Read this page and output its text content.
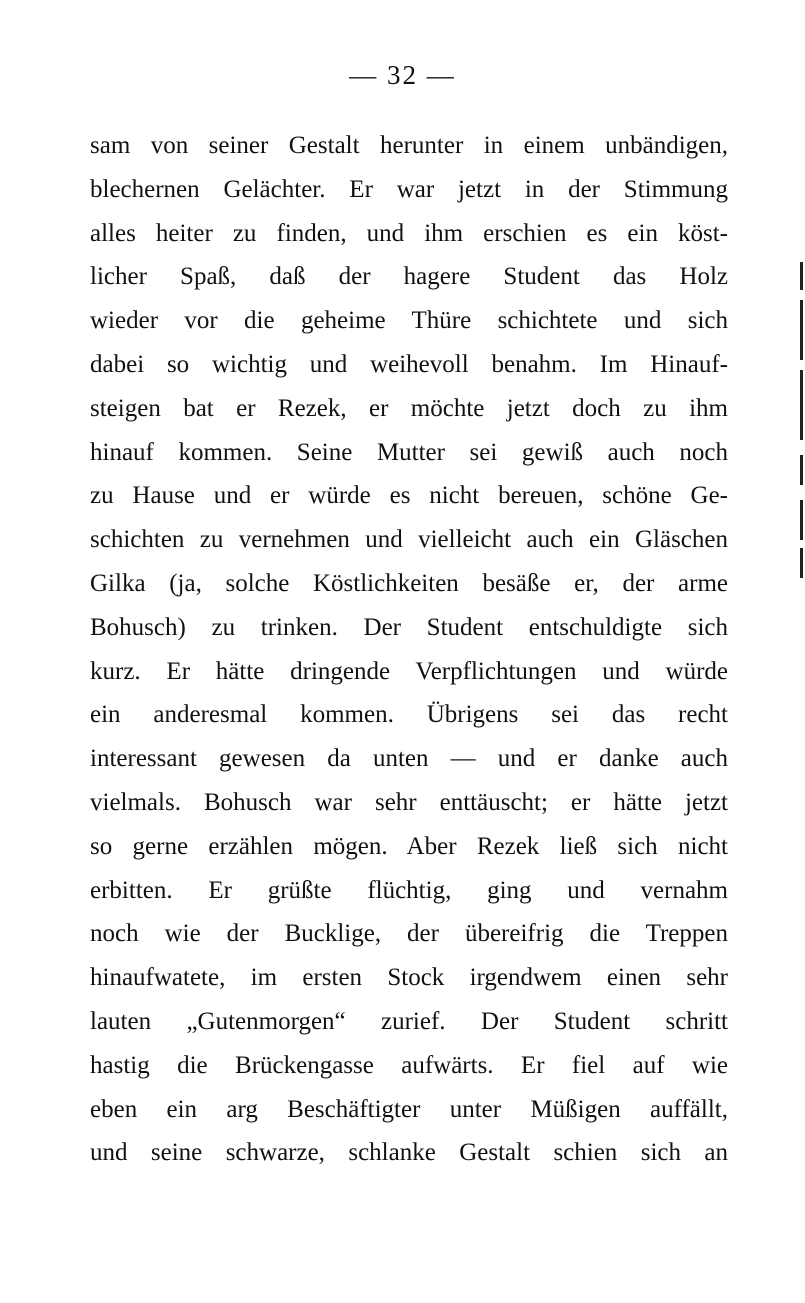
— 32 —
sam von seiner Gestalt herunter in einem unbändigen,
blechernen Gelächter. Er war jetzt in der Stimmung
alles heiter zu finden, und ihm erschien es ein köst-
licher Spaß, daß der hagere Student das Holz
wieder vor die geheime Thüre schichtete und sich
dabei so wichtig und weihevoll benahm. Im Hinauf-
steigen bat er Rezek, er möchte jetzt doch zu ihm
hinauf kommen. Seine Mutter sei gewiß auch noch
zu Hause und er würde es nicht bereuen, schöne Ge-
schichten zu vernehmen und vielleicht auch ein Gläschen
Gilka (ja, solche Köstlichkeiten besäße er, der arme
Bohusch) zu trinken. Der Student entschuldigte sich
kurz. Er hätte dringende Verpflichtungen und würde
ein anderesmal kommen. Übrigens sei das recht
interessant gewesen da unten — und er danke auch
vielmals. Bohusch war sehr enttäuscht; er hätte jetzt
so gerne erzählen mögen. Aber Rezek ließ sich nicht
erbitten. Er grüßte flüchtig, ging und vernahm
noch wie der Bucklige, der übereifrig die Treppen
hinaufwatete, im ersten Stock irgendwem einen sehr
lauten „Gutenmorgen“ zurief. Der Student schritt
hastig die Brückengasse aufwärts. Er fiel auf wie
eben ein arg Beschäftigter unter Müßigen auffällt,
und seine schwarze, schlanke Gestalt schien sich an
